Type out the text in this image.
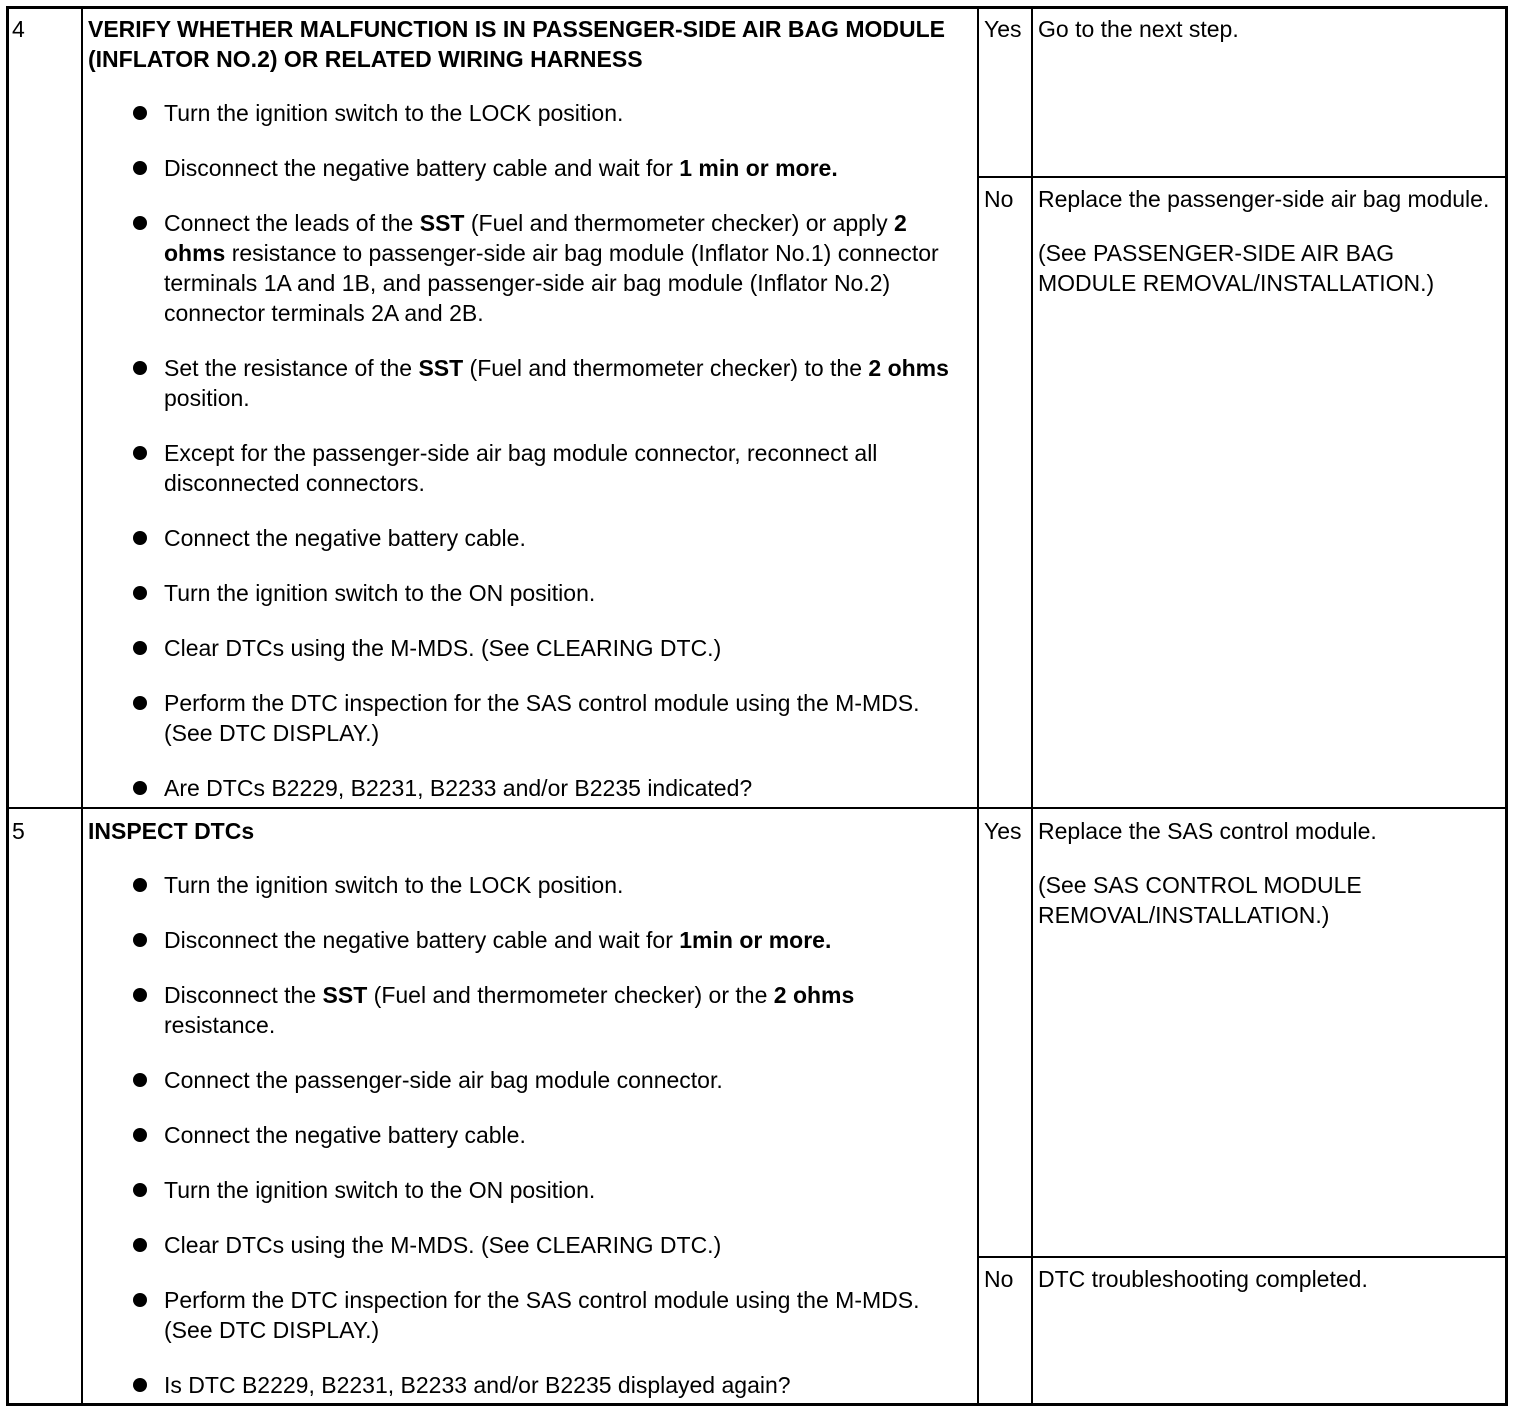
4	VERIFY WHETHER MALFUNCTION IS IN PASSENGER-SIDE AIR BAG MODULE (INFLATOR NO.2) OR RELATED WIRING HARNESS
Turn the ignition switch to the LOCK position.
Disconnect the negative battery cable and wait for 1 min or more.
Connect the leads of the SST (Fuel and thermometer checker) or apply 2 ohms resistance to passenger-side air bag module (Inflator No.1) connector terminals 1A and 1B, and passenger-side air bag module (Inflator No.2) connector terminals 2A and 2B.
Set the resistance of the SST (Fuel and thermometer checker) to the 2 ohms position.
Except for the passenger-side air bag module connector, reconnect all disconnected connectors.
Connect the negative battery cable.
Turn the ignition switch to the ON position.
Clear DTCs using the M-MDS. (See CLEARING DTC.)
Perform the DTC inspection for the SAS control module using the M-MDS. (See DTC DISPLAY.)
Are DTCs B2229, B2231, B2233 and/or B2235 indicated?
Yes Go to the next step.

No Replace the passenger-side air bag module.

(See PASSENGER-SIDE AIR BAG MODULE REMOVAL/INSTALLATION.)

5	INSPECT DTCs
Turn the ignition switch to the LOCK position.
Disconnect the negative battery cable and wait for 1min or more.
Disconnect the SST (Fuel and thermometer checker) or the 2 ohms resistance.
Connect the passenger-side air bag module connector.
Connect the negative battery cable.
Turn the ignition switch to the ON position.
Clear DTCs using the M-MDS. (See CLEARING DTC.)
Perform the DTC inspection for the SAS control module using the M-MDS. (See DTC DISPLAY.)
Is DTC B2229, B2231, B2233 and/or B2235 displayed again?
Yes Replace the SAS control module.

(See SAS CONTROL MODULE REMOVAL/INSTALLATION.)

No DTC troubleshooting completed.
